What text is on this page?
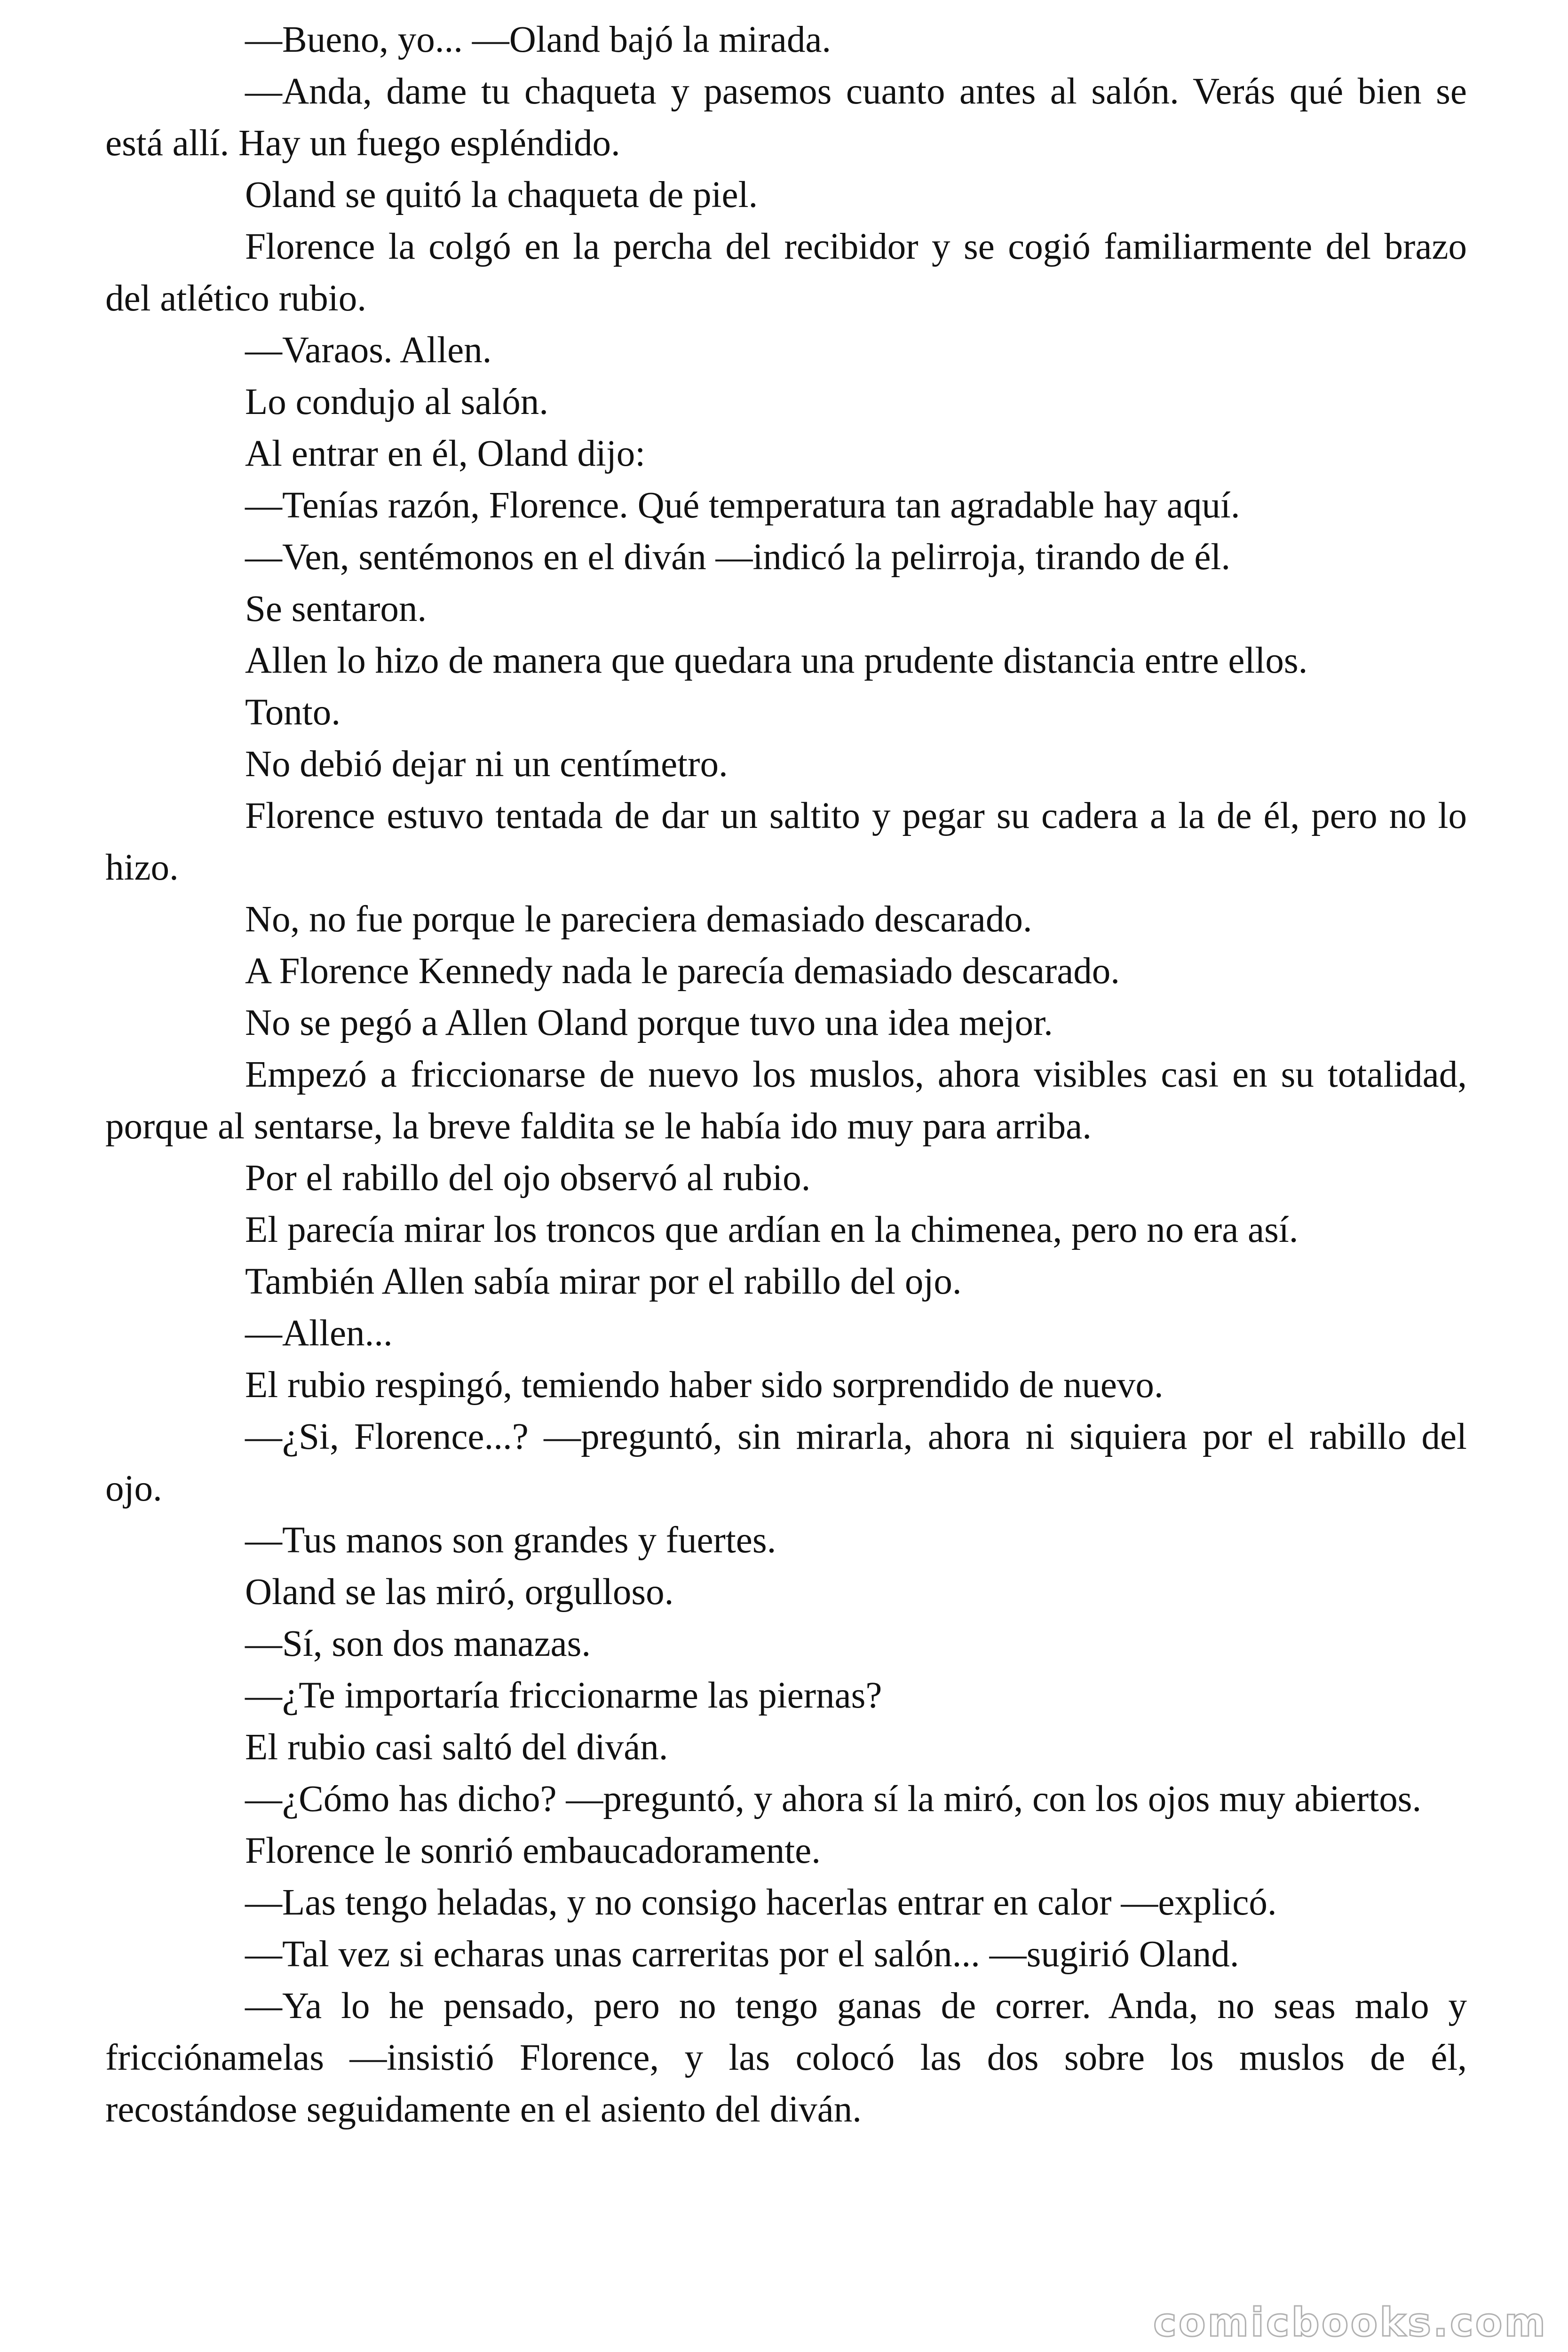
—Bueno, yo... —Oland bajó la mirada.

—Anda, dame tu chaqueta y pasemos cuanto antes al salón. Verás qué bien se está allí. Hay un fuego espléndido.

Oland se quitó la chaqueta de piel.

Florence la colgó en la percha del recibidor y se cogió familiarmente del brazo del atlético rubio.

—Varaos. Allen.

Lo condujo al salón.

Al entrar en él, Oland dijo:

—Tenías razón, Florence. Qué temperatura tan agradable hay aquí.

—Ven, sentémonos en el diván —indicó la pelirroja, tirando de él.

Se sentaron.

Allen lo hizo de manera que quedara una prudente distancia entre ellos.

Tonto.

No debió dejar ni un centímetro.

Florence estuvo tentada de dar un saltito y pegar su cadera a la de él, pero no lo hizo.

No, no fue porque le pareciera demasiado descarado.

A Florence Kennedy nada le parecía demasiado descarado.

No se pegó a Allen Oland porque tuvo una idea mejor.

Empezó a friccionarse de nuevo los muslos, ahora visibles casi en su totalidad, porque al sentarse, la breve faldita se le había ido muy para arriba.

Por el rabillo del ojo observó al rubio.

El parecía mirar los troncos que ardían en la chimenea, pero no era así.

También Allen sabía mirar por el rabillo del ojo.

—Allen...

El rubio respingó, temiendo haber sido sorprendido de nuevo.

—¿Si, Florence...? —preguntó, sin mirarla, ahora ni siquiera por el rabillo del ojo.

—Tus manos son grandes y fuertes.

Oland se las miró, orgulloso.

—Sí, son dos manazas.

—¿Te importaría friccionarme las piernas?

El rubio casi saltó del diván.

—¿Cómo has dicho? —preguntó, y ahora sí la miró, con los ojos muy abiertos.

Florence le sonrió embaucadoramente.

—Las tengo heladas, y no consigo hacerlas entrar en calor —explicó.

—Tal vez si echaras unas carreritas por el salón... —sugirió Oland.

—Ya lo he pensado, pero no tengo ganas de correr. Anda, no seas malo y fricciónamelas —insistió Florence, y las colocó las dos sobre los muslos de él, recostándose seguidamente en el asiento del diván.

comicbooks.com
